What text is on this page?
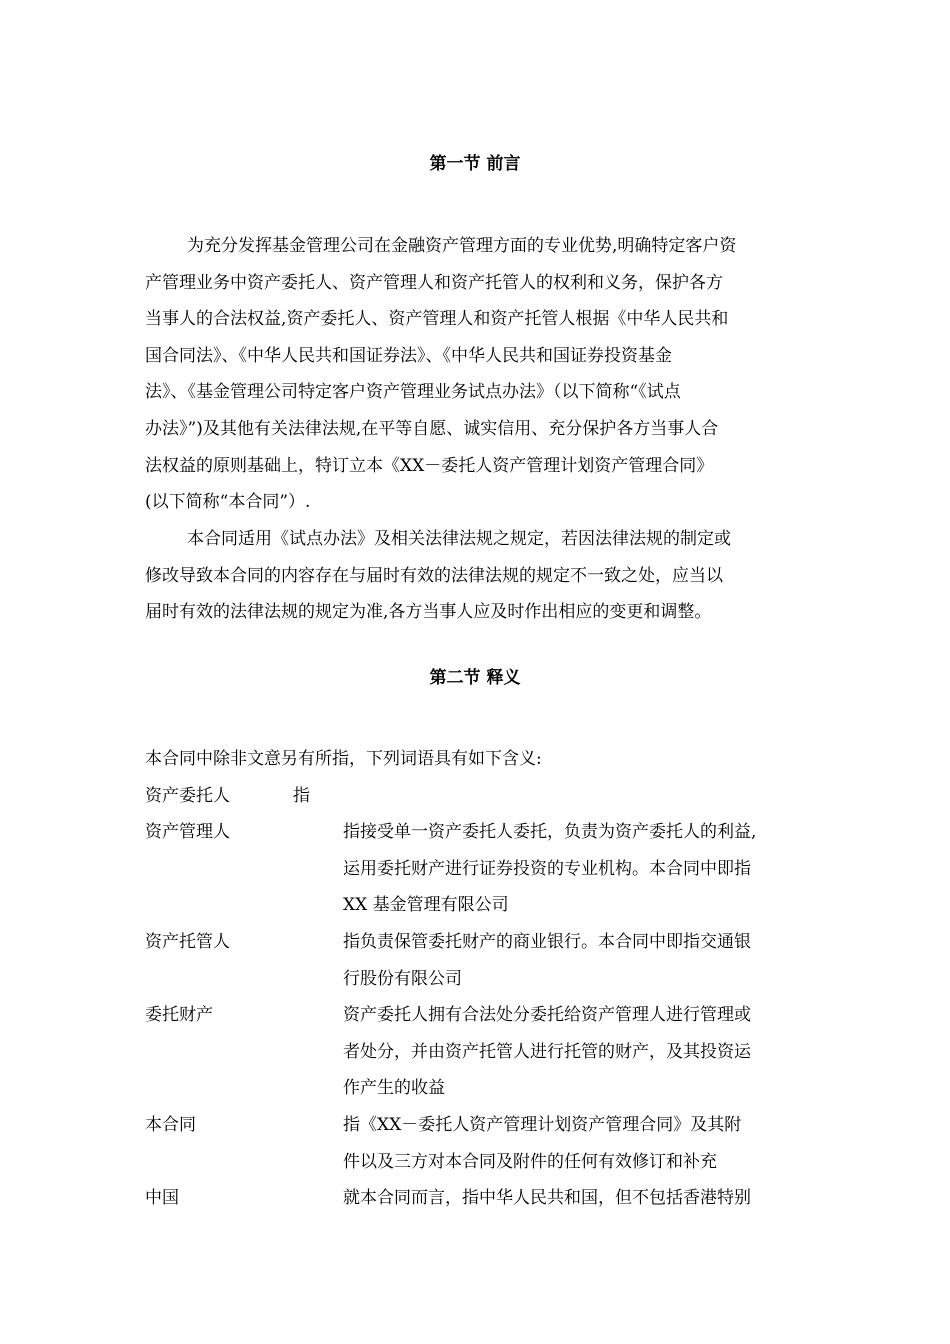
第一节 前言
为充分发挥基金管理公司在金融资产管理方面的专业优势,明确特定客户资
产管理业务中资产委托人、资产管理人和资产托管人的权利和义务，保护各方
当事人的合法权益,资产委托人、资产管理人和资产托管人根据《中华人民共和
国合同法》、《中华人民共和国证券法》、《中华人民共和国证券投资基金
法》、《基金管理公司特定客户资产管理业务试点办法》（以下简称“《试点
办法》”)及其他有关法律法规,在平等自愿、诚实信用、充分保护各方当事人合
法权益的原则基础上，特订立本《XX－委托人资产管理计划资产管理合同》
(以下简称“本合同”）.
本合同适用《试点办法》及相关法律法规之规定，若因法律法规的制定或
修改导致本合同的内容存在与届时有效的法律法规的规定不一致之处，应当以
届时有效的法律法规的规定为准,各方当事人应及时作出相应的变更和调整。
第二节 释义
本合同中除非文意另有所指，下列词语具有如下含义:
资产委托人	指
资产管理人	指接受单一资产委托人委托，负责为资产委托人的利益,
运用委托财产进行证券投资的专业机构。本合同中即指
XX 基金管理有限公司
资产托管人	指负责保管委托财产的商业银行。本合同中即指交通银
行股份有限公司
委托财产	资产委托人拥有合法处分委托给资产管理人进行管理或
者处分，并由资产托管人进行托管的财产，及其投资运
作产生的收益
本合同	指《XX－委托人资产管理计划资产管理合同》及其附
件以及三方对本合同及附件的任何有效修订和补充
中国	就本合同而言，指中华人民共和国，但不包括香港特别
